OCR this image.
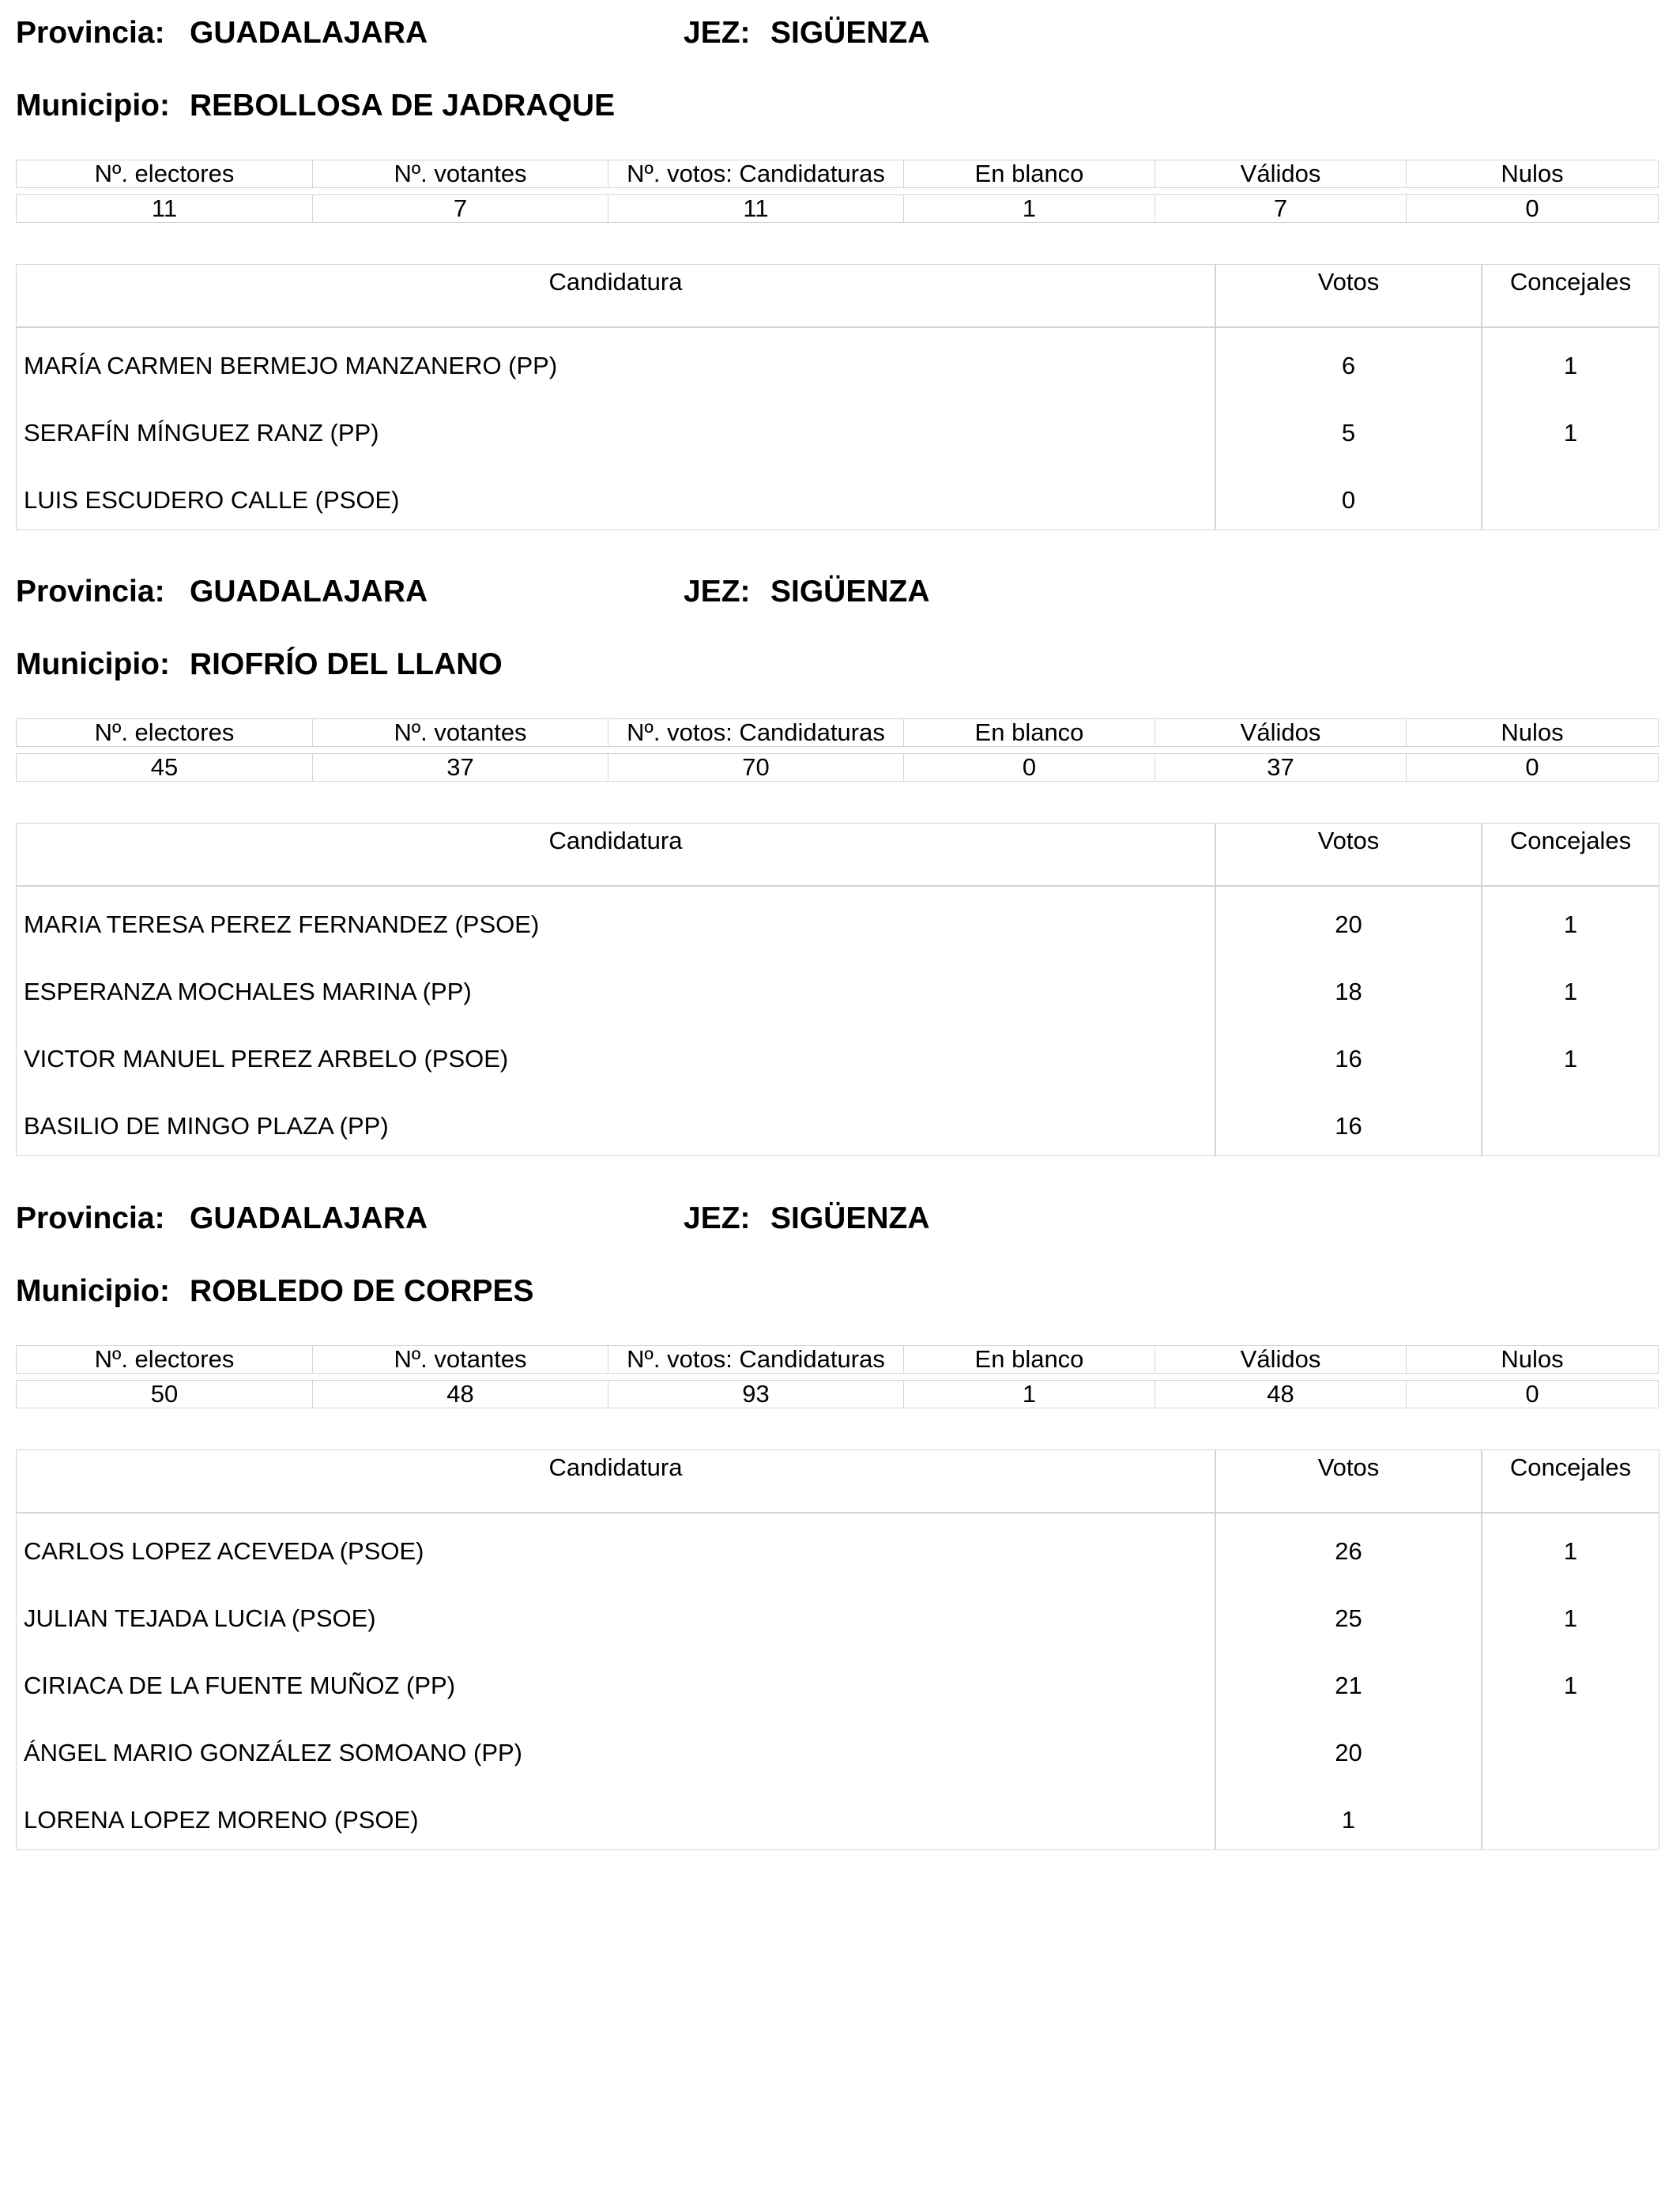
Provincia: GUADALAJARA	JEZ: SIGÜENZA
Municipio: REBOLLOSA DE JADRAQUE
Nº. electores	Nº. votantes	Nº. votos: Candidaturas	En blanco	Válidos	Nulos
11	7	11	1	7	0
Candidatura	Votos	Concejales
MARÍA CARMEN BERMEJO MANZANERO (PP)	6	1
SERAFÍN MÍNGUEZ RANZ (PP)	5	1
LUIS ESCUDERO CALLE (PSOE)	0
Provincia: GUADALAJARA	JEZ: SIGÜENZA
Municipio: RIOFRÍO DEL LLANO
Nº. electores	Nº. votantes	Nº. votos: Candidaturas	En blanco	Válidos	Nulos
45	37	70	0	37	0
Candidatura	Votos	Concejales
MARIA TERESA PEREZ FERNANDEZ (PSOE)	20	1
ESPERANZA MOCHALES MARINA (PP)	18	1
VICTOR MANUEL PEREZ ARBELO (PSOE)	16	1
BASILIO DE MINGO PLAZA (PP)	16
Provincia: GUADALAJARA	JEZ: SIGÜENZA
Municipio: ROBLEDO DE CORPES
Nº. electores	Nº. votantes	Nº. votos: Candidaturas	En blanco	Válidos	Nulos
50	48	93	1	48	0
Candidatura	Votos	Concejales
CARLOS LOPEZ ACEVEDA (PSOE)	26	1
JULIAN TEJADA LUCIA (PSOE)	25	1
CIRIACA DE LA FUENTE MUÑOZ (PP)	21	1
ÁNGEL MARIO GONZÁLEZ SOMOANO (PP)	20
LORENA LOPEZ MORENO (PSOE)	1
